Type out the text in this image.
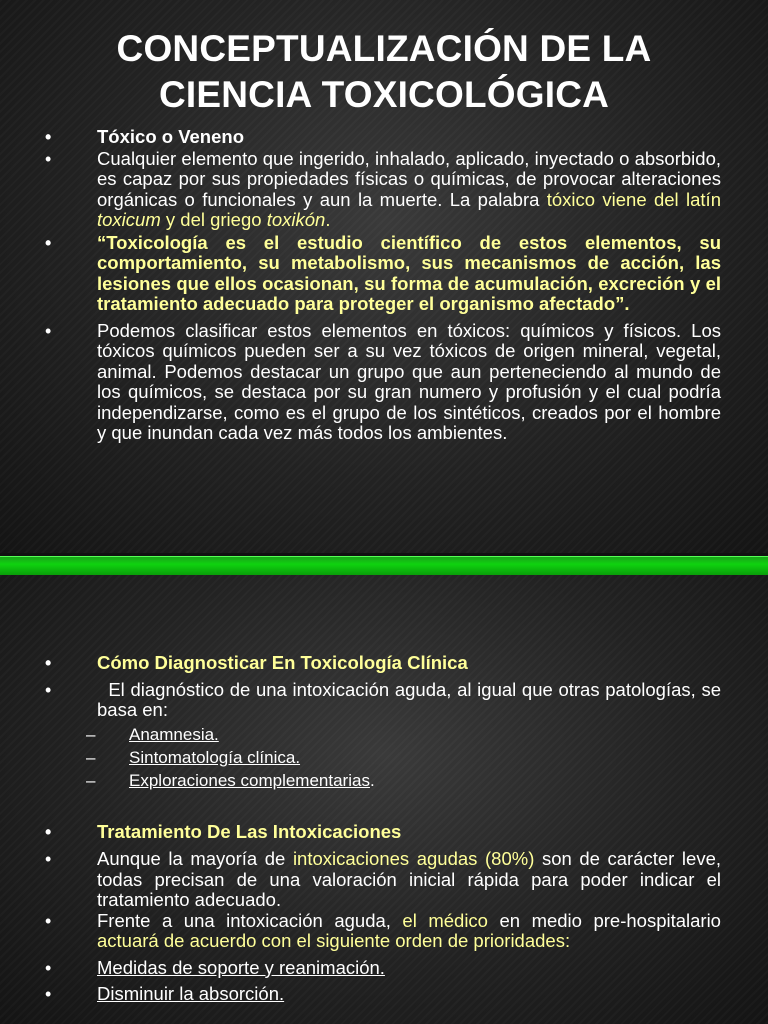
CONCEPTUALIZACIÓN DE LA
CIENCIA TOXICOLÓGICA
• Tóxico o Veneno
• Cualquier elemento que ingerido, inhalado, aplicado, inyectado o absorbido, es capaz por sus propiedades físicas o químicas, de provocar alteraciones orgánicas o funcionales y aun la muerte. La palabra tóxico viene del latín toxicum y del griego toxikón.
• “Toxicología es el estudio científico de estos elementos, su comportamiento, su metabolismo, sus mecanismos de acción, las lesiones que ellos ocasionan, su forma de acumulación, excreción y el tratamiento adecuado para proteger el organismo afectado”.
• Podemos clasificar estos elementos en tóxicos: químicos y físicos. Los tóxicos químicos pueden ser a su vez tóxicos de origen mineral, vegetal, animal. Podemos destacar un grupo que aun perteneciendo al mundo de los químicos, se destaca por su gran numero y profusión y el cual podría independizarse, como es el grupo de los sintéticos, creados por el hombre y que inundan cada vez más todos los ambientes.
• Cómo Diagnosticar En Toxicología Clínica
• El diagnóstico de una intoxicación aguda, al igual que otras patologías, se basa en:
– Anamnesia.
– Sintomatología clínica.
– Exploraciones complementarias.
• Tratamiento De Las Intoxicaciones
• Aunque la mayoría de intoxicaciones agudas (80%) son de carácter leve, todas precisan de una valoración inicial rápida para poder indicar el tratamiento adecuado.
• Frente a una intoxicación aguda, el médico en medio pre-hospitalario actuará de acuerdo con el siguiente orden de prioridades:
• Medidas de soporte y reanimación.
• Disminuir la absorción.
